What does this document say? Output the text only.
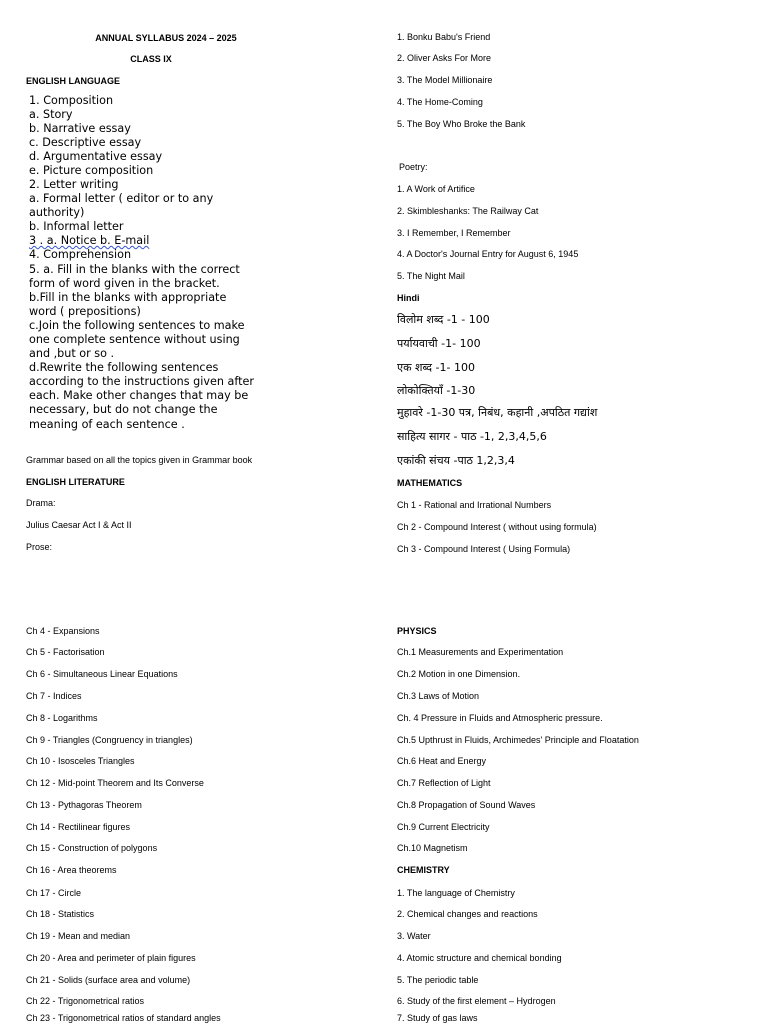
ANNUAL SYLLABUS 2024 – 2025
CLASS IX
ENGLISH LANGUAGE
1. Composition
a. Story
b. Narrative essay
c. Descriptive essay
d. Argumentative essay
e. Picture composition
2. Letter writing
a. Formal letter ( editor or to any
authority)
b. Informal letter
3 . a. Notice b. E-mail
4. Comprehension
5. a. Fill in the blanks with the correct
form of word given in the bracket.
b.Fill in the blanks with appropriate
word ( prepositions)
c.Join the following sentences to make
one complete sentence without using
and ,but or so .
d.Rewrite the following sentences
according to the instructions given after
each. Make other changes that may be
necessary, but do not change the
meaning of each sentence .
Grammar based on all the topics given in Grammar book
ENGLISH LITERATURE
Drama:
Julius Caesar Act I & Act II
Prose:
1. Bonku Babu's Friend
2. Oliver Asks For More
3. The Model Millionaire
4. The Home-Coming
5. The Boy Who Broke the Bank
Poetry:
1. A Work of Artifice
2. Skimbleshanks: The Railway Cat
3. I Remember, I Remember
4. A Doctor's Journal Entry for August 6, 1945
5. The Night Mail
Hindi
विलोम शब्द -1 - 100
पर्यायवाची -1- 100
एक शब्द -1- 100
लोकोक्तियाँ -1-30
मुहावरे -1-30 पत्र, निबंध, कहानी ,अपठित गद्यांश
साहित्य सागर - पाठ -1, 2,3,4,5,6
एकांकी संचय -पाठ 1,2,3,4
MATHEMATICS
Ch 1 - Rational and Irrational Numbers
Ch 2 - Compound Interest ( without using formula)
Ch 3 - Compound Interest ( Using Formula)
Ch 4 - Expansions
Ch 5 - Factorisation
Ch 6 - Simultaneous Linear Equations
Ch 7 - Indices
Ch 8 - Logarithms
Ch 9 - Triangles (Congruency in triangles)
Ch 10 - Isosceles Triangles
Ch 12 - Mid-point Theorem and Its Converse
Ch 13 - Pythagoras Theorem
Ch 14 - Rectilinear figures
Ch 15 - Construction of polygons
Ch 16 - Area theorems
Ch 17 - Circle
Ch 18 - Statistics
Ch 19 - Mean and median
Ch 20 - Area and perimeter of plain figures
Ch 21 - Solids (surface area and volume)
Ch 22 - Trigonometrical ratios
Ch 23 - Trigonometrical ratios of standard angles
PHYSICS
Ch.1 Measurements and Experimentation
Ch.2 Motion in one Dimension.
Ch.3 Laws of Motion
Ch. 4 Pressure in Fluids and Atmospheric pressure.
Ch.5 Upthrust in Fluids, Archimedes' Principle and Floatation
Ch.6 Heat and Energy
Ch.7 Reflection of Light
Ch.8 Propagation of Sound Waves
Ch.9 Current Electricity
Ch.10 Magnetism
CHEMISTRY
1. The language of Chemistry
2. Chemical changes and reactions
3. Water
4. Atomic structure and chemical bonding
5. The periodic table
6. Study of the first element – Hydrogen
7. Study of gas laws
